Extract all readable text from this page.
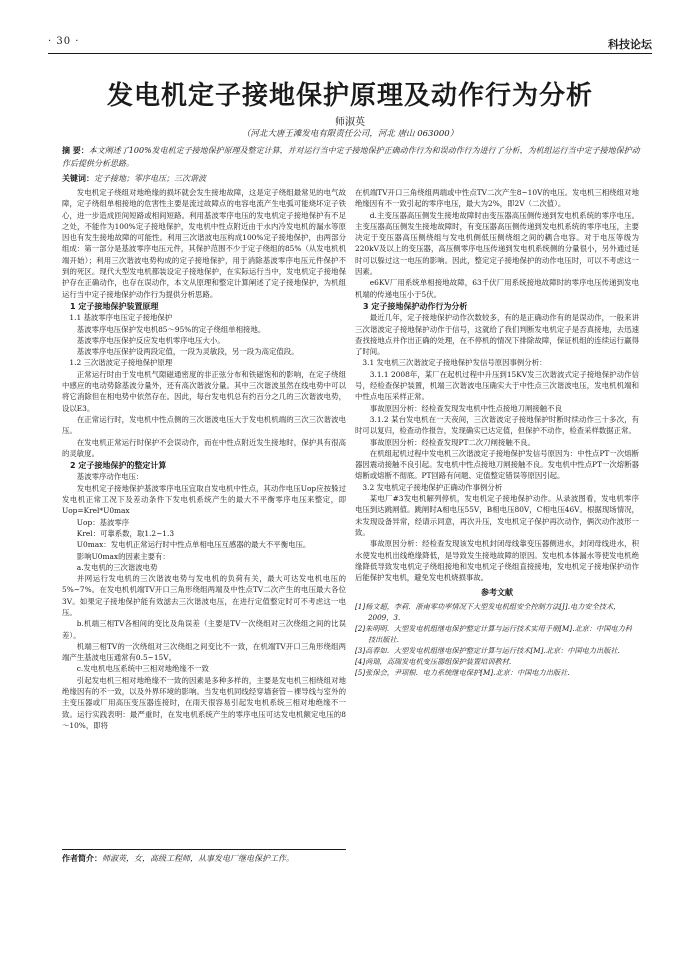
· 30 ·	科技论坛
发电机定子接地保护原理及动作行为分析
师淑英
（河北大唐王滩发电有限责任公司，河北 唐山 063000）
摘 要：本文阐述了100%发电机定子接地保护原理及整定计算，并对运行当中定子接地保护正确动作行为和误动作行为进行了分析，为机组运行当中定子接地保护动作后提供分析思路。
关键词：定子接地；零序电压；三次谐波

发电机定子绕组对地绝缘的损坏就会发生接地故障，这是定子绕组最常见的电气故障，定子绕组单相接地的危害性主要是流过故障点的电容电流产生电弧可能烧坏定子铁心，进一步造成匝间短路或相间短路。利用基波零序电压的发电机定子接地保护有不足之处，不能作为100%定子接地保护，发电机中性点附近由于水内冷发电机的漏水等原因也有发生接地故障的可能性。利用三次谐波电压构成100%定子接地保护，由两部分组成：第一部分是基波零序电压元件，其保护范围不少于定子绕组的85%（从发电机机端开始）；利用三次谐波电势构成的定子接地保护，用于消除基波零序电压元件保护不到的死区。现代大型发电机都装设定子接地保护，在实际运行当中，发电机定子接地保护存在正确动作，也存在误动作，本文从原理和整定计算阐述了定子接地保护，为机组运行当中定子接地保护动作行为提供分析思路。

1 定子接地保护装置原理
1.1 基波零序电压定子接地保护

基波零序电压保护发电机85～95%的定子绕组单相接地。

基波零序电压保护反应发电机零序电压大小。

基波零序电压保护设两段定值，一段为灵敏段，另一段为高定值段。

1.2 三次谐波定子接地保护原理

正常运行时由于发电机气隙磁通密度的非正弦分布和铁磁饱和的影响，在定子绕组中感应的电动势除基波分量外，还有高次谐波分量。其中三次谐波虽然在线电势中可以将它消除但在相电势中依然存在。因此，每台发电机总有约百分之几的三次谐波电势，设以E3。

在正常运行时，发电机中性点侧的三次谐波电压大于发电机机端的三次三次谐波电压。

在发电机正常运行时保护不会误动作，而在中性点附近发生接地时，保护具有很高的灵敏度。

2 定子接地保护的整定计算

基波零序动作电压：

发电机定子接地保护基波零序电压宜取自发电机中性点，其动作电压Uop应按躲过发电机正常工况下及差动条件下发电机系统产生的最大不平衡零序电压来整定，即Uop=Krel*U0max

Uop：基波零序

Krel：可靠系数，取1.2~1.3

U0max：发电机正常运行时中性点单相电压互感器的最大不平衡电压。

影响U0max的因素主要有：

a.发电机的三次谐波电势

并网运行发电机的三次谐波电势与发电机的负荷有关，最大可达发电机电压的5%~7%。在发电机机端TV开口三角形绕组两端及中性点TV二次产生的电压最大各位3V。如果定子接地保护能有效滤去三次谐波电压，在进行定值整定时可不考虑这一电压。

b.机端三相TV各相间的变比及角误差（主要是TV一次绕组对三次绕组之间的比误差）。

机端三相TV的一次绕组对三次绕组之间变比不一致，在机端TV开口三角形绕组两端产生基波电压通常有0.5~15V。

c.发电机电压系统中三相对地绝缘不一致

引起发电机三相对地绝缘不一致的因素是多种多样的，主要是发电机三相绕组对地绝缘因有的不一致，以及外界环境的影响。当发电机同线经穿墙套管－裸导线与室外的主变压器或厂用高压变压器连接时，在雨天很容易引起发电机系统三相对地绝缘不一致。运行实践表明：最严重时，在发电机系统产生的零序电压可达发电机额定电压的8～10%，即将

在机端TV开口三角绕组两端或中性点TV二次产生8~10V的电压。发电机三相绕组对地绝缘因有不一致引起的零序电压，最大为2%，即2V（二次值）。

d.主变压器高压侧发生接地故障时由变压器高压侧传递到发电机系统的零序电压。主变压器高压侧发生接地故障时，有变压器高压侧传递到发电机系统的零序电压，主要决定于变压器高压侧绕组与发电机侧低压侧绕组之间的耦合电容。对于电压等级为220kV及以上的变压器，高压侧零序电压传递到发电机系统侧的分量很小，另外通过延时可以躲过这一电压的影响。因此，整定定子接地保护的动作电压时，可以不考虑这一因素。

e6KV厂用系统单相接地故障，63千伏厂用系统接地故障时的零序电压传递到发电机端的传递电压小于5伏。

3 定子接地保护动作行为分析

最近几年，定子接地保护动作次数较多，有的是正确动作有的是误动作，一般来讲三次谐波定子接地保护动作于信号，这就给了我们判断发电机定子是否真接地，去迅速查找接地点并作出正确的处理，在不停机的情况下排除故障，保证机组的连续运行赢得了时间。

3.1 发电机三次谐波定子接地保护发信号原因事例分析：

3.1.1 2008年，某厂在起机过程中升压到15KV发三次谐波式定子接地保护动作信号，经检查保护装置，机端三次谐波电压确实大于中性点三次谐波电压，发电机机端和中性点电压采样正常。

事故原因分析：经检查发现发电机中性点接地刀闸接触不良

3.1.2 某台发电机在一天夜间，三次谐波定子接地保护时断时续动作三十多次，有时可以复归，检查动作报告，发现确实已达定值，但保护不动作，检查采样数据正常。

事故原因分析：经检查发现PT二次刀闸接触不良。

在机组起机过程中发电机三次谐波定子接地保护发信号原因为：中性点PT一次熔断器因震动接触不良引起。发电机中性点接地刀闸接触不良。发电机中性点PT一次熔断器熔断或熔断不彻底。PT回路有问题、定值整定错误等原因引起。

3.2 发电机定子接地保护正确动作事例分析

某电厂#3发电机解列停机，发电机定子接地保护动作。从录波图看，发电机零序电压到达跳闸值。跳闸时A相电压55V，B相电压80V，C相电压46V。根据现场情况，未发现设备异常，经请示同意，再次升压，发电机定子保护再次动作，俩次动作波形一致。

事故原因分析：经检查发现该发电机封闭母线靠变压器侧进水，封闭母线进水，积水使发电机出线绝缘降低，是导致发生接地故障的原因。发电机本体漏水等使发电机绝缘降低导致发电机定子绕组接地和发电机定子绕组直接接地，发电机定子接地保护动作后能保护发电机，避免发电机烧损事故。

参考文献
[1]杨文超，李莉．浙南零功率情况下大型发电机组安全控制方法[J].电力安全技术，2009，3.
[2]朱明明．大型发电机组继电保护整定计算与运行技术实用手册[M].北京：中国电力科技出版社.
[3]高春如．大型发电机组继电保护整定计算与运行技术[M].北京：中国电力出版社.
[4]尚瑞，高瑞发电机变压器组保护装置培训教材.
[5]张保会，尹项根．电力系统继电保护[M].北京：中国电力出版社.
作者简介：师淑英，女，高级工程师，从事发电厂继电保护工作。
